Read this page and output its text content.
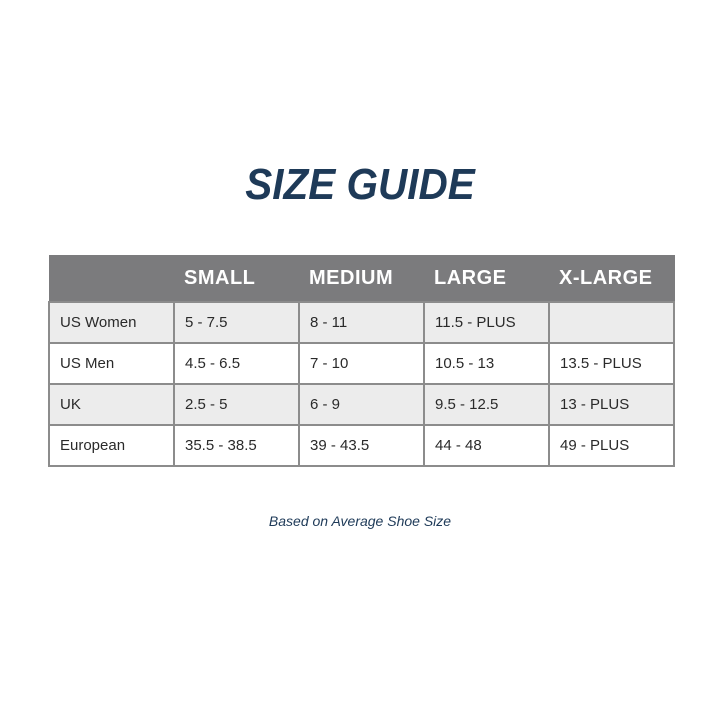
SIZE GUIDE
	SMALL	MEDIUM	LARGE	X-LARGE
US Women	5 - 7.5	8 - 11	11.5 - PLUS	
US Men	4.5 - 6.5	7 - 10	10.5 - 13	13.5 - PLUS
UK	2.5 - 5	6 - 9	9.5 - 12.5	13 - PLUS
European	35.5 - 38.5	39 - 43.5	44 - 48	49 - PLUS
Based on Average Shoe Size
